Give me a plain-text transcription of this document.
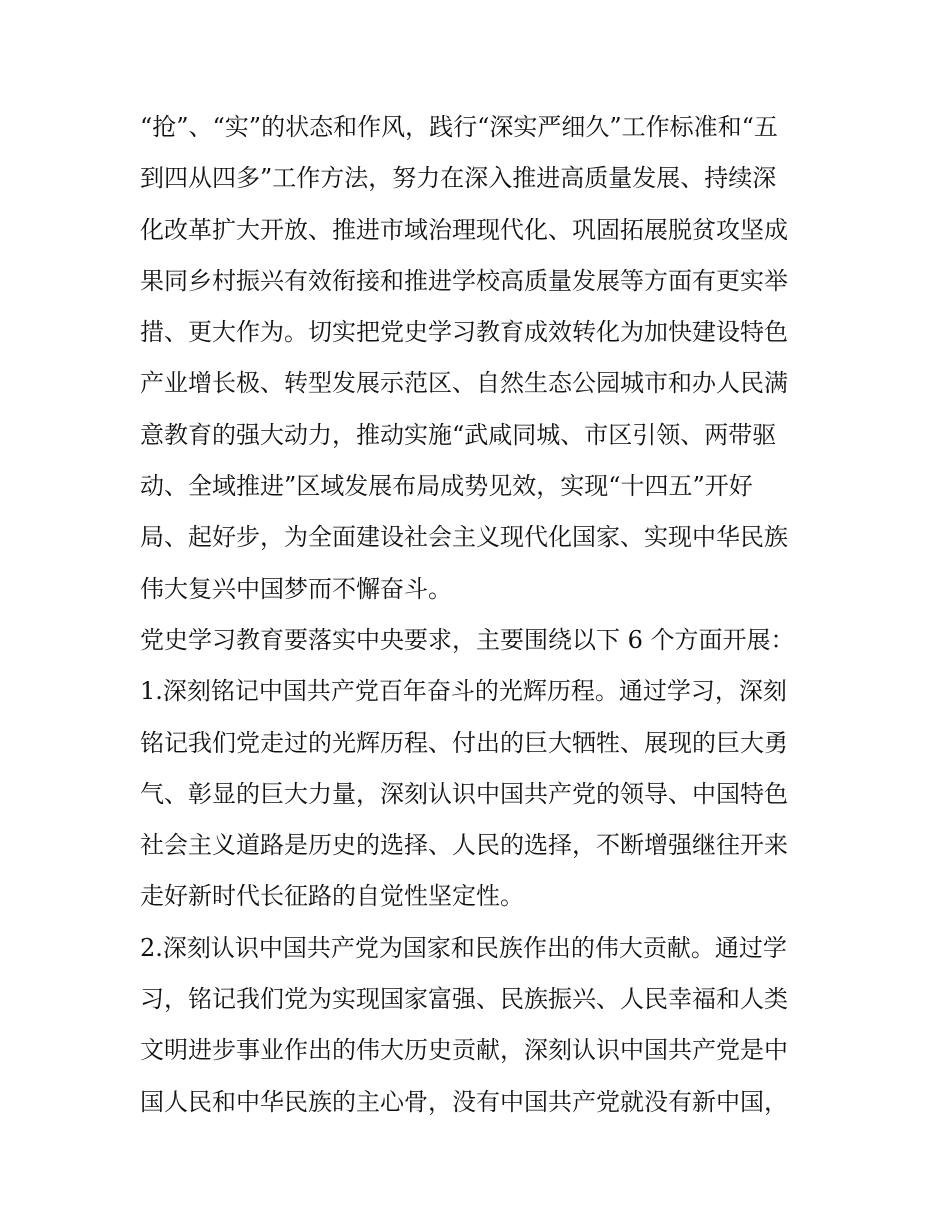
“抢”、“实”的状态和作风，践行“深实严细久”工作标准和“五
到四从四多”工作方法，努力在深入推进高质量发展、持续深
化改革扩大开放、推进市域治理现代化、巩固拓展脱贫攻坚成
果同乡村振兴有效衔接和推进学校高质量发展等方面有更实举
措、更大作为。切实把党史学习教育成效转化为加快建设特色
产业增长极、转型发展示范区、自然生态公园城市和办人民满
意教育的强大动力，推动实施“武咸同城、市区引领、两带驱
动、全域推进”区域发展布局成势见效，实现“十四五”开好
局、起好步，为全面建设社会主义现代化国家、实现中华民族
伟大复兴中国梦而不懈奋斗。
党史学习教育要落实中央要求，主要围绕以下 6 个方面开展：
1.深刻铭记中国共产党百年奋斗的光辉历程。通过学习，深刻
铭记我们党走过的光辉历程、付出的巨大牺牲、展现的巨大勇
气、彰显的巨大力量，深刻认识中国共产党的领导、中国特色
社会主义道路是历史的选择、人民的选择，不断增强继往开来
走好新时代长征路的自觉性坚定性。
2.深刻认识中国共产党为国家和民族作出的伟大贡献。通过学
习，铭记我们党为实现国家富强、民族振兴、人民幸福和人类
文明进步事业作出的伟大历史贡献，深刻认识中国共产党是中
国人民和中华民族的主心骨，没有中国共产党就没有新中国，
